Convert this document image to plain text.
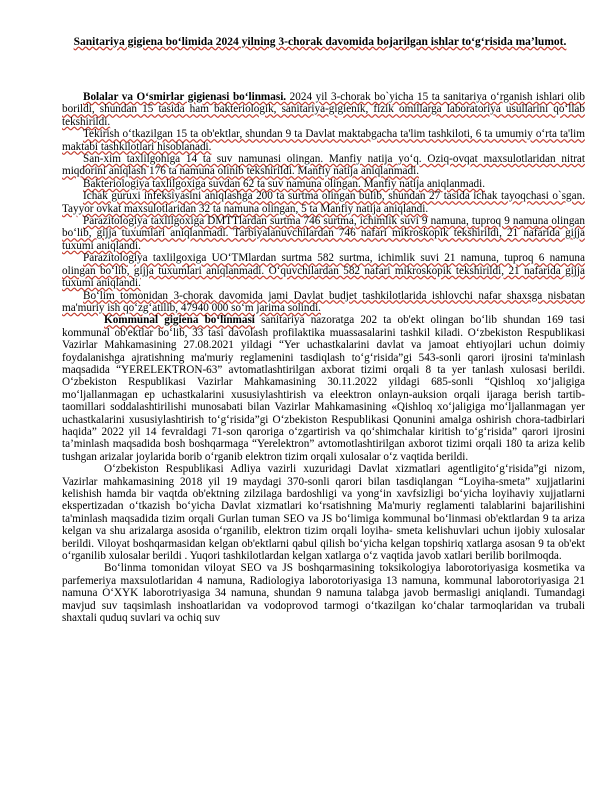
Sanitariya gigiena bo‘limida 2024 yilning 3-chorak davomida bojarilgan ishlar to‘g‘risida ma’lumot.

Bolalar va O‘smirlar gigienasi bo‘linmasi. 2024 yil 3-chorak bo`yicha 15 ta sanitariya o‘rganish ishlari olib borildi, shundan 15 tasida ham bakteriologik, sanitariya-gigienik, fizik omillarga laboratoriya usullarini qo‘llab tekshirildi.

Tekirish o‘tkazilgan 15 ta ob'ektlar, shundan 9 ta Davlat maktabgacha ta'lim tashkiloti, 6 ta umumiy o‘rta ta'lim maktabi tashkilotlari hisoblanadi.

San-xim taxlilgohiga 14 ta suv namunasi olingan. Manfiy natija yo‘q. Oziq-ovqat maxsulotlaridan nitrat miqdorini aniqlash 176 ta namuna olinib tekshirildi. Manfiy natija aniqlanmadi.

Bakteriologiya taxlilgoxiga suvdan 62 ta suv namuna olingan. Manfiy natija aniqlanmadi.

Ichak guruxi infeksiyasini aniqlashga 200 ta surtma olingan bulib, shundan 27 tasida ichak tayoqchasi o`sgan. Tayyor ovkat maxsulotlaridan 32 ta namuna olingan, 5 ta Manfiy natija aniqlandi.

Parazitologiya taxlilgoxiga DMTTlardan surtma 746 surtma, ichimlik suvi 9 namuna, tuproq 9 namuna olingan bo‘lib, gijja tuxumlari aniqlanmadi. Tarbiyalanuvchilardan 746 nafari mikroskopik tekshirildi, 21 nafarida gijja tuxumi aniqlandi.

Parazitologiya taxlilgoxiga UO‘TMlardan surtma 582 surtma, ichimlik suvi 21 namuna, tuproq 6 namuna olingan bo‘lib, gijja tuxumlari aniqlanmadi. O‘quvchilardan 582 nafari mikroskopik tekshirildi, 21 nafarida gijja tuxumi aniqlandi.

Bo‘lim tomonidan 3-chorak davomida jami Davlat budjet tashkilotlarida ishlovchi nafar shaxsga nisbatan ma'muriy ish qo‘zg‘atilib, 47940 000 so‘m jarima solindi.

Kommunal gigiena bo‘linmasi sanitariya nazoratga 202 ta ob'ekt olingan bo‘lib shundan 169 tasi kommunal ob'ektlar bo‘lib, 33 tasi davolash profilaktika muassasalarini tashkil kiladi. O‘zbekiston Respublikasi Vazirlar Mahkamasining 27.08.2021 yildagi “Yer uchastkalarini davlat va jamoat ehtiyojlari uchun doimiy foydalanishga ajratishning ma'muriy reglamenini tasdiqlash to‘g‘risida”gi 543-sonli qarori ijrosini ta'minlash maqsadida “YERELEKTRON-63” avtomatlashtirilgan axborat tizimi orqali 8 ta yer tanlash xulosasi berildi. O‘zbekiston Respublikasi Vazirlar Mahkamasining 30.11.2022 yildagi 685-sonli “Qishloq xo‘jaligiga mo‘ljallanmagan ep uchastkalarini xususiylashtirish va eleektron onlayn-auksion orqali ijaraga berish tartib-taomillari soddalashtirilishi munosabati bilan Vazirlar Mahkamasining «Qishloq xo‘jaligiga mo‘ljallanmagan yer uchastkalarini xususiylashtirish to‘g‘risida”gi O‘zbekiston Respublikasi Qonunini amalga oshirish chora-tadbirlari haqida” 2022 yil 14 fevraldagi 71-son qaroriga o‘zgartirish va qo‘shimchalar kiritish to‘g‘risida” qarori ijrosini ta’minlash maqsadida bosh boshqarmaga “Yerelektron” avtomotlashtirilgan axborot tizimi orqali 180 ta ariza kelib tushgan arizalar joylarida borib o‘rganib elektron tizim orqali xulosalar o‘z vaqtida berildi.

O‘zbekiston Respublikasi Adliya vazirli xuzuridagi Davlat xizmatlari agentligito‘g‘risida”gi nizom, Vazirlar mahkamasining 2018 yil 19 maydagi 370-sonli qarori bilan tasdiqlangan “Loyiha-smeta” xujjatlarini kelishish hamda bir vaqtda ob'ektning zilzilaga bardoshligi va yong‘in xavfsizligi bo‘yicha loyihaviy xujjatlarni ekspertizadan o‘tkazish bo‘yicha Davlat xizmatlari ko‘rsatishning Ma'muriy reglamenti talablarini bajarilishini ta'minlash maqsadida tizim orqali Gurlan tuman SEO va JS bo‘limiga kommunal bo‘linmasi ob'ektlardan 9 ta ariza kelgan va shu arizalarga asosida o‘rganilib, elektron tizim orqali loyiha- smeta kelishuvlari uchun ijobiy xulosalar berildi. Viloyat boshqarmasidan kelgan ob'ektlarni qabul qilish bo‘yicha kelgan topshiriq xatlarga asosan 9 ta ob'ekt o‘rganilib xulosalar berildi . Yuqori tashkilotlardan kelgan xatlarga o‘z vaqtida javob xatlari berilib borilmoqda.

Bo‘linma tomonidan viloyat SEO va JS boshqarmasining toksikologiya laborotoriyasiga kosmetika va parfemeriya maxsulotlaridan 4 namuna, Radiologiya laborotoriyasiga 13 namuna, kommunal laborotoriyasiga 21 namuna O‘XYK laborotriyasiga 34 namuna, shundan 9 namuna talabga javob bermasligi aniqlandi. Tumandagi mavjud suv taqsimlash inshoatlaridan va vodoprovod tarmogi o‘tkazilgan ko‘chalar tarmoqlaridan va trubali shaxtali quduq suvlari va ochiq suv
